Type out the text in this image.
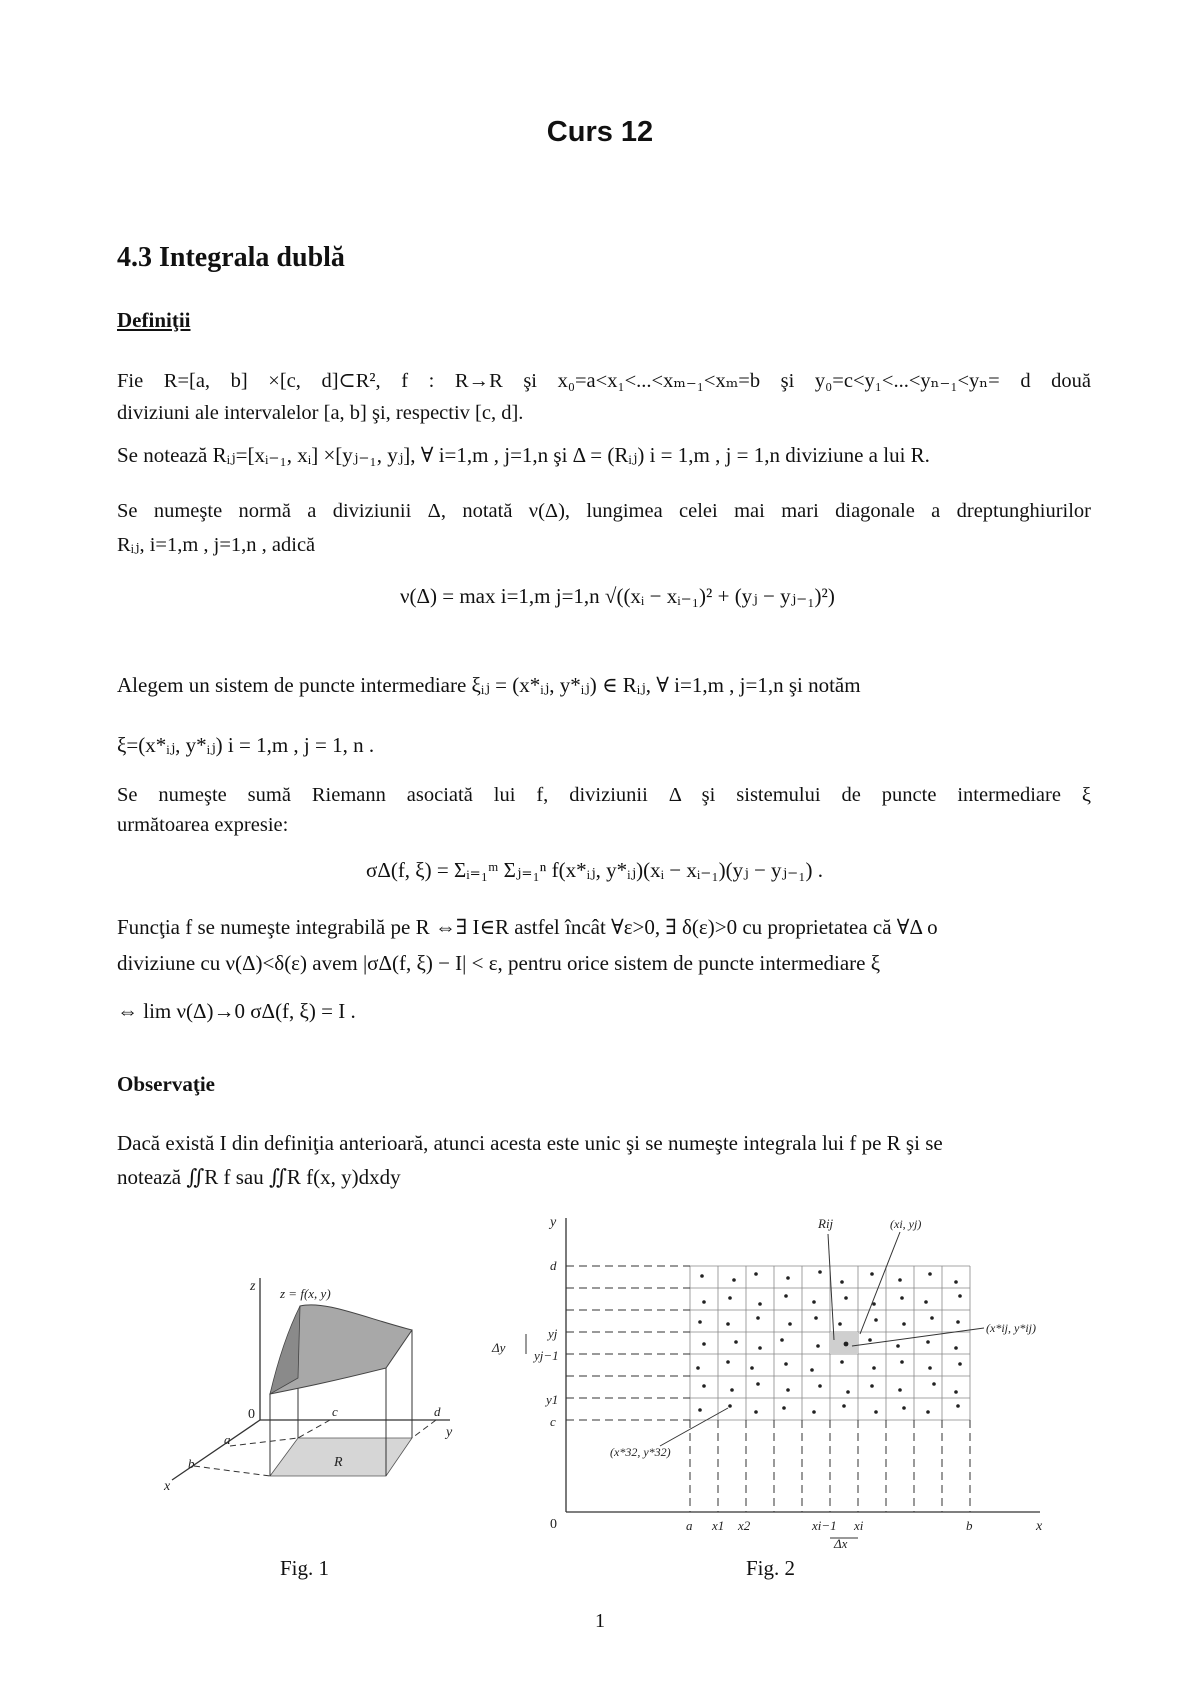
Curs 12
4.3 Integrala dublă
Definiţii
Fie R=[a, b] ×[c, d]⊂R², f : R→R şi x₀=a<x₁<...<xₘ₋₁<xₘ=b şi y₀=c<y₁<...<yₙ₋₁<yₙ= d două
diviziuni ale intervalelor [a, b] şi, respectiv [c, d].
Se notează Rᵢⱼ=[xᵢ₋₁, xᵢ] ×[yⱼ₋₁, yⱼ], ∀ i=1,m , j=1,n şi Δ = (Rᵢⱼ) i = 1,m , j = 1,n diviziune a lui R.
Se numeşte normă a diviziunii Δ, notată ν(Δ), lungimea celei mai mari diagonale a dreptunghiurilor
Rᵢⱼ, i=1,m , j=1,n , adică
ν(Δ) = max i=1,m j=1,n √((xᵢ − xᵢ₋₁)² + (yⱼ − yⱼ₋₁)²)
Alegem un sistem de puncte intermediare ξᵢⱼ = (x*ᵢⱼ, y*ᵢⱼ) ∈ Rᵢⱼ, ∀ i=1,m , j=1,n şi notăm
ξ=(x*ᵢⱼ, y*ᵢⱼ) i = 1,m , j = 1, n .
Se numeşte sumă Riemann asociată lui f, diviziunii Δ şi sistemului de puncte intermediare ξ
următoarea expresie:
σΔ(f, ξ) = Σᵢ₌₁ᵐ Σⱼ₌₁ⁿ f(x*ᵢⱼ, y*ᵢⱼ)(xᵢ − xᵢ₋₁)(yⱼ − yⱼ₋₁) .
Funcţia f se numeşte integrabilă pe R ⇔∃ I∈R astfel încât ∀ε>0, ∃ δ(ε)>0 cu proprietatea că ∀Δ o
diviziune cu ν(Δ)<δ(ε) avem |σΔ(f, ξ) − I| < ε, pentru orice sistem de puncte intermediare ξ
⇔ lim ν(Δ)→0 σΔ(f, ξ) = I .
Observaţie
Dacă există I din definiţia anterioară, atunci acesta este unic şi se numeşte integrala lui f pe R şi se
notează ∬R f sau ∬R f(x, y)dxdy
z
y
x
0
a
b
c	d
R
z = f(x, y)
Fig. 1
y
x
0
d
yj
yj−1
y1
c
Δy
a x1 x2	xi−1 xi	b
Δx
Rij	(xi, yj)
(x*ij, y*ij)
(x*32, y*32)
Fig. 2
1
